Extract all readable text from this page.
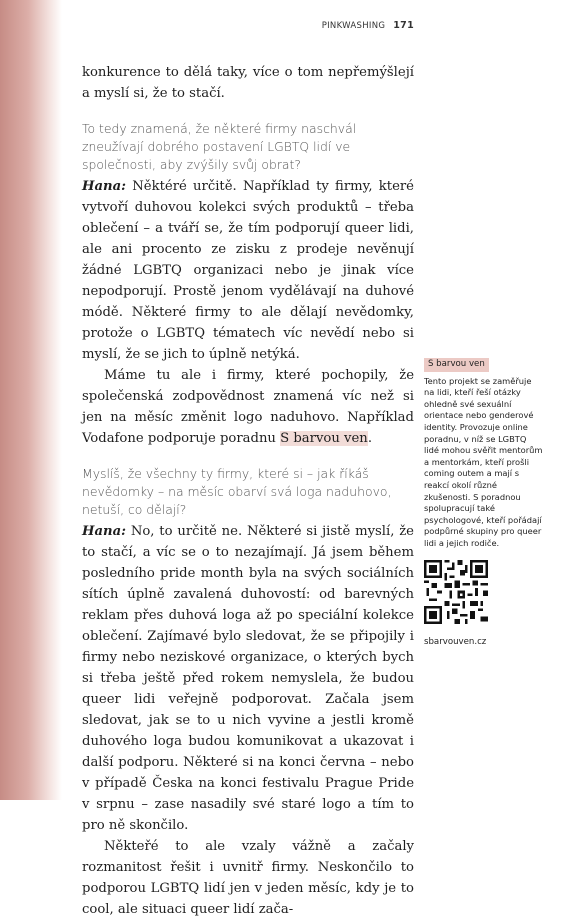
PINKWASHING 171

konkurence to dělá taky, více o tom nepřemýšlejí a myslí si, že to stačí.

To tedy znamená, že některé firmy naschvál zneužívají dobrého postavení LGBTQ lidí ve společnosti, aby zvýšily svůj obrat?

Hana: Něktéré určitě. Například ty firmy, které vytvoří duhovou kolekci svých produktů – třeba oblečení – a tváří se, že tím podporují queer lidi, ale ani procento ze zisku z prodeje nevěnují žádné LGBTQ organizaci nebo je jinak více nepodporují. Prostě jenom vydělávají na duhové módě. Některé firmy to ale dělají nevědomky, protože o LGBTQ tématech víc nevědí nebo si myslí, že se jich to úplně netýká.

Máme tu ale i firmy, které pochopily, že společenská zodpovědnost znamená víc než si jen na měsíc změnit logo naduhovo. Například Vodafone podporuje poradnu S barvou ven.

Myslíš, že všechny ty firmy, které si – jak říkáš nevědomky – na měsíc obarví svá loga naduhovo, netuší, co dělají?

Hana: No, to určitě ne. Některé si jistě myslí, že to stačí, a víc se o to nezajímají. Já jsem během posledního pride month byla na svých sociálních sítích úplně zavalená duhovostí: od barevných reklam přes duhová loga až po speciální kolekce oblečení. Zajímavé bylo sledovat, že se připojily i firmy nebo neziskové organizace, o kterých bych si třeba ještě před rokem nemyslela, že budou queer lidi veřejně podporovat. Začala jsem sledovat, jak se to u nich vyvine a jestli kromě duhového loga budou komunikovat a ukazovat i další podporu. Některé si na konci června – nebo v případě Česka na konci festivalu Prague Pride v srpnu – zase nasadily své staré logo a tím to pro ně skončilo.

Někteřé to ale vzaly vážně a začaly rozmanitost řešit i uvnitř firmy. Neskončilo to podporou LGBTQ lidí jen v jeden měsíc, kdy je to cool, ale situaci queer lidí zača-

S barvou ven
Tento projekt se zaměřuje na lidi, kteří řeší otázky ohledně své sexuální orientace nebo genderové identity. Provozuje online poradnu, v níž se LGBTQ lidé mohou svěřit mentorům a mentorkám, kteří prošli coming outem a mají s reakcí okolí různé zkušenosti. S poradnou spolupracují také psychologové, kteří pořádají podpůrné skupiny pro queer lidi a jejich rodiče.
sbarvouven.cz
